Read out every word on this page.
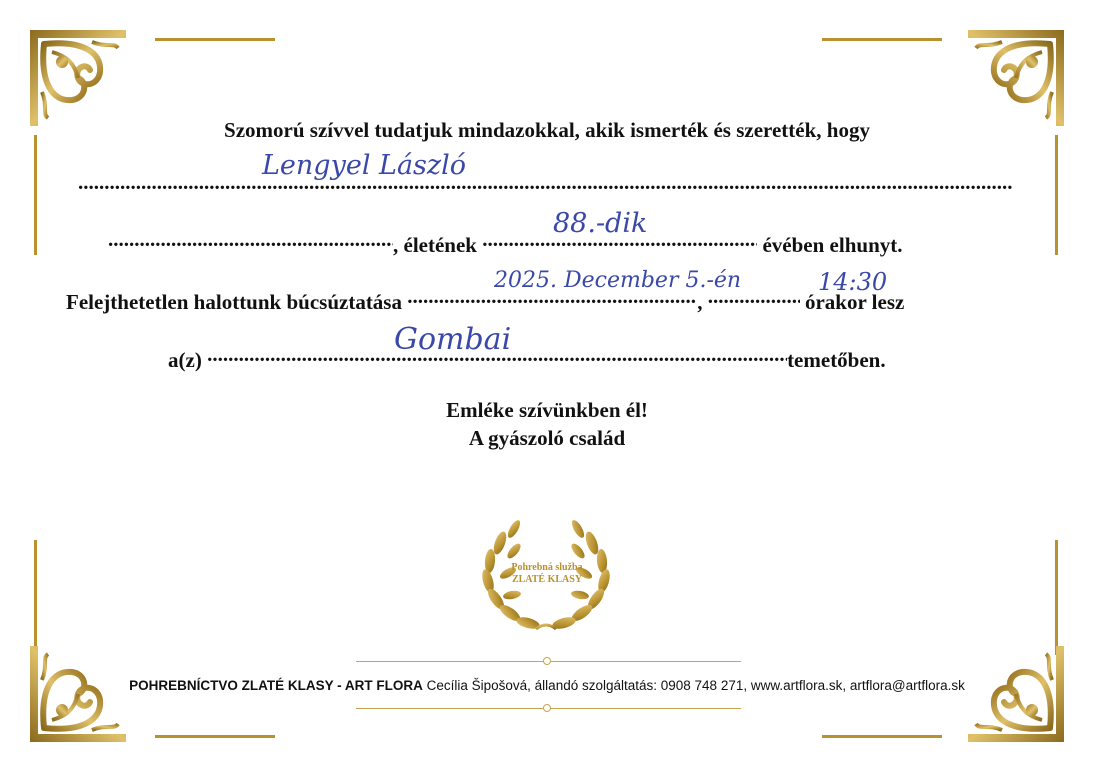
Szomorú szívvel tudatjuk mindazokkal, akik ismerték és szerették, hogy
.....
Lengyel László
....., életének .....	évében elhunyt.
88.-dik
Felejthetetlen halottunk búcsúztatása .....	, .....	órakor lesz
2025. December 5.-én	14:30
a(z) .....	temetőben.
Gombai
Emléke szívünkben él!
A gyászoló család
Pohrebná služba
ZLATÉ KLASY
POHREBNÍCTVO ZLATÉ KLASY - ART FLORA Cecília Šipošová, állandó szolgáltatás: 0908 748 271, www.artflora.sk, artflora@artflora.sk
